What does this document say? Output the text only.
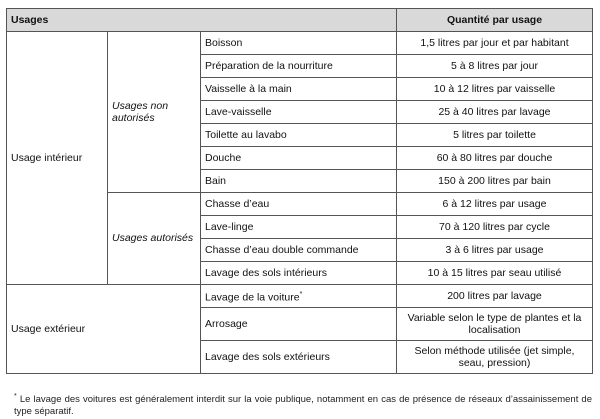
Usages			Quantité par usage
Usage intérieur	Usages non autorisés	Boisson	1,5 litres par jour et par habitant
		Préparation de la nourriture	5 à 8 litres par jour
		Vaisselle à la main	10 à 12 litres par vaisselle
		Lave-vaisselle	25 à 40 litres par lavage
		Toilette au lavabo	5 litres par toilette
		Douche	60 à 80 litres par douche
		Bain	150 à 200 litres par bain
	Usages autorisés	Chasse d’eau	6 à 12 litres par usage
		Lave-linge	70 à 120 litres par cycle
		Chasse d’eau double commande	3 à 6 litres par usage
		Lavage des sols intérieurs	10 à 15 litres par seau utilisé
Usage extérieur		Lavage de la voiture*	200 litres par lavage
		Arrosage	Variable selon le type de plantes et la localisation
		Lavage des sols extérieurs	Selon méthode utilisée (jet simple, seau, pression)
* Le lavage des voitures est généralement interdit sur la voie publique, notamment en cas de présence de réseaux d’assainissement de type séparatif.
